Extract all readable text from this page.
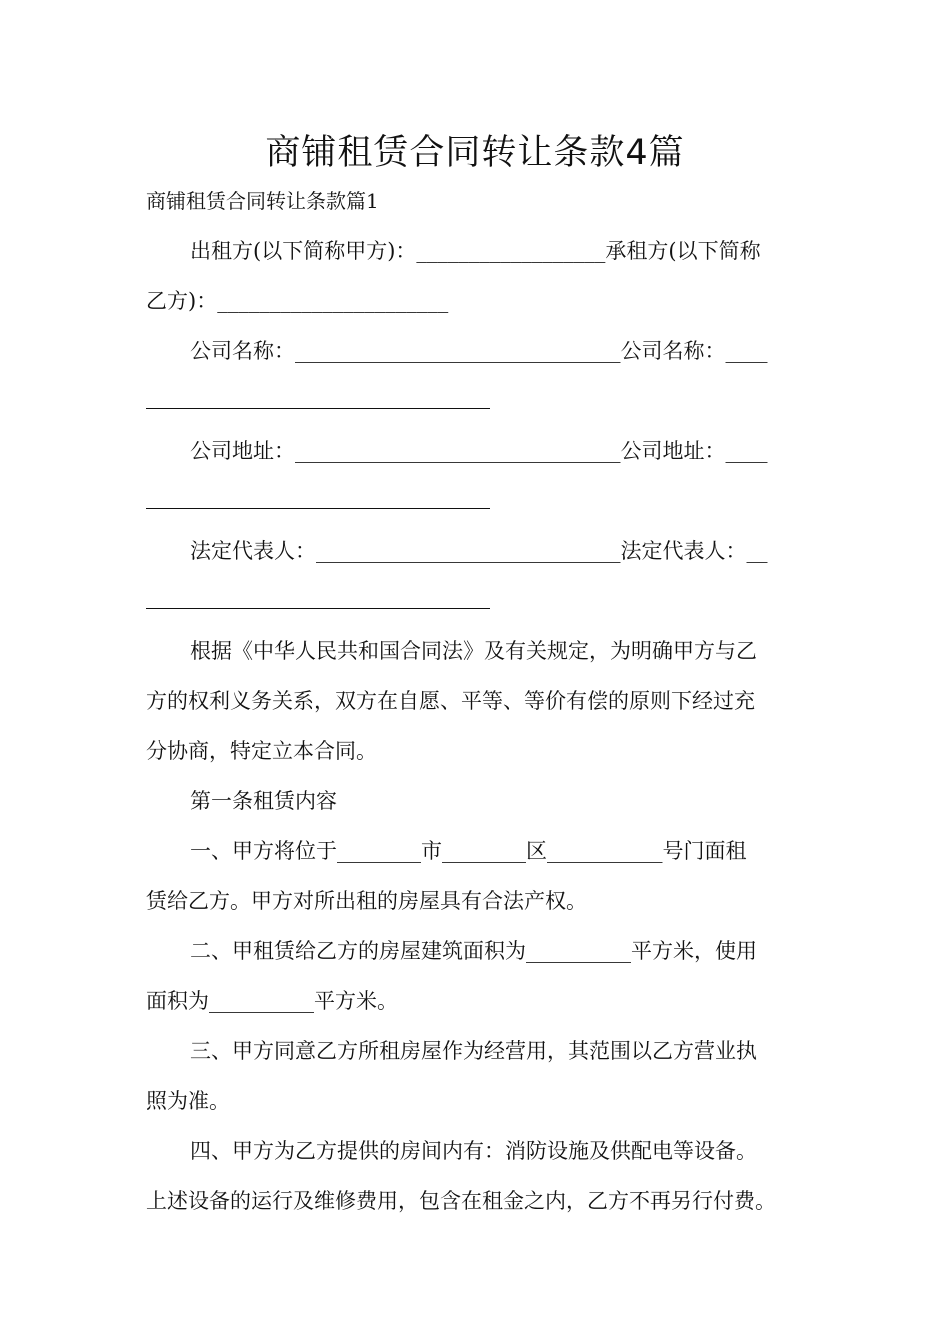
商铺租赁合同转让条款4篇
商铺租赁合同转让条款篇1
出租方(以下简称甲方)：__________________承租方(以下简称
乙方)：______________________
公司名称：_______________________________公司名称：____
公司地址：_______________________________公司地址：____
法定代表人：_____________________________法定代表人：__
根据《中华人民共和国合同法》及有关规定，为明确甲方与乙
方的权利义务关系，双方在自愿、平等、等价有偿的原则下经过充
分协商，特定立本合同。
第一条租赁内容
一、甲方将位于________市________区___________号门面租
赁给乙方。甲方对所出租的房屋具有合法产权。
二、甲租赁给乙方的房屋建筑面积为__________平方米，使用
面积为__________平方米。
三、甲方同意乙方所租房屋作为经营用，其范围以乙方营业执
照为准。
四、甲方为乙方提供的房间内有：消防设施及供配电等设备。
上述设备的运行及维修费用，包含在租金之内，乙方不再另行付费。
